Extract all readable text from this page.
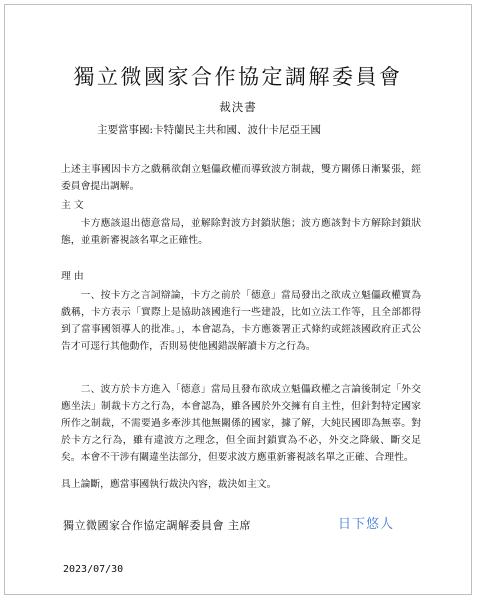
獨立微國家合作協定調解委員會
裁決書
主要當事國:卡特蘭民主共和國、波什卡尼亞王國

上述主事國因卡方之戲稱欲創立魁儡政權而導致波方制裁，雙方關係日漸緊張，經委員會提出調解。

主 文

卡方應該退出德意當局，並解除對波方封鎖狀態；波方應該對卡方解除封鎖狀態，並重新審視該名單之正確性。

理 由

一、按卡方之言詞辯論，卡方之前於「德意」當局發出之欲成立魁儡政權實為戲稱，卡方表示「實際上是協助該國進行一些建設，比如立法工作等，且全部都得到了當事國領導人的批准。」，本會認為，卡方應簽署正式條約或經該國政府正式公告才可逕行其他動作，否則易使他國錯誤解讀卡方之行為。

二、波方於卡方進入「德意」當局且發布欲成立魁儡政權之言論後制定「外交應坐法」制裁卡方之行為，本會認為，雖各國於外交擁有自主性，但針對特定國家所作之制裁，不需要過多牽涉其他無關係的國家，據了解，大純民國即為無辜。對於卡方之行為，雖有違波方之理念，但全面封鎖實為不必，外交之降級、斷交足矣。本會不干涉有關違坐法部分，但要求波方應重新審視該名單之正確、合理性。

具上論斷，應當事國執行裁決內容，裁決如主文。

獨立微國家合作協定調解委員會 主席	日下悠人
2023/07/30
